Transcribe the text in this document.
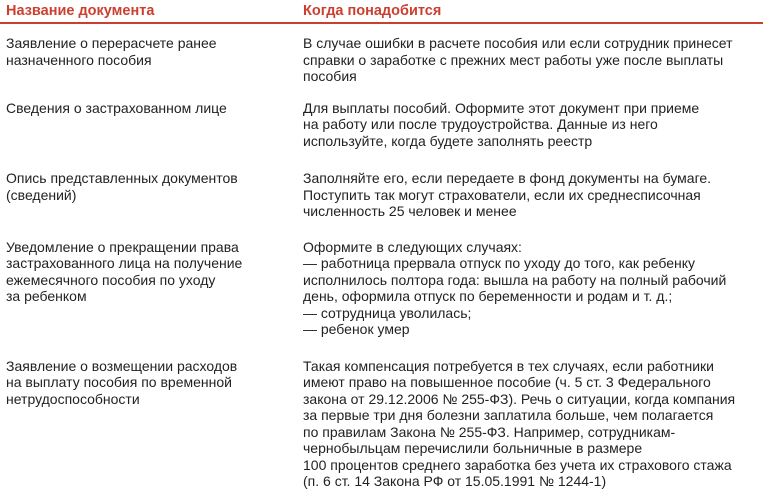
Название документа	Когда понадобится
Заявление о перерасчете ранее
назначенного пособия
В случае ошибки в расчете пособия или если сотрудник принесет
справки о заработке с прежних мест работы уже после выплаты
пособия
Сведения о застрахованном лице	Для выплаты пособий. Оформите этот документ при приеме
на работу или после трудоустройства. Данные из него
используйте, когда будете заполнять реестр
Опись представленных документов
(сведений)
Заполняйте его, если передаете в фонд документы на бумаге.
Поступить так могут страхователи, если их среднесписочная
численность 25 человек и менее
Уведомление о прекращении права
застрахованного лица на получение
ежемесячного пособия по уходу
за ребенком
Оформите в следующих случаях:
— работница прервала отпуск по уходу до того, как ребенку
исполнилось полтора года: вышла на работу на полный рабочий
день, оформила отпуск по беременности и родам и т. д.;
— сотрудница уволилась;
— ребенок умер
Заявление о возмещении расходов
на выплату пособия по временной
нетрудоспособности
Такая компенсация потребуется в тех случаях, если работники
имеют право на повышенное пособие (ч. 5 ст. 3 Федерального
закона от 29.12.2006 № 255-ФЗ). Речь о ситуации, когда компания
за первые три дня болезни заплатила больше, чем полагается
по правилам Закона № 255-ФЗ. Например, сотрудникам-
чернобыльцам перечислили больничные в размере
100 процентов среднего заработка без учета их страхового стажа
(п. 6 ст. 14 Закона РФ от 15.05.1991 № 1244-1)
